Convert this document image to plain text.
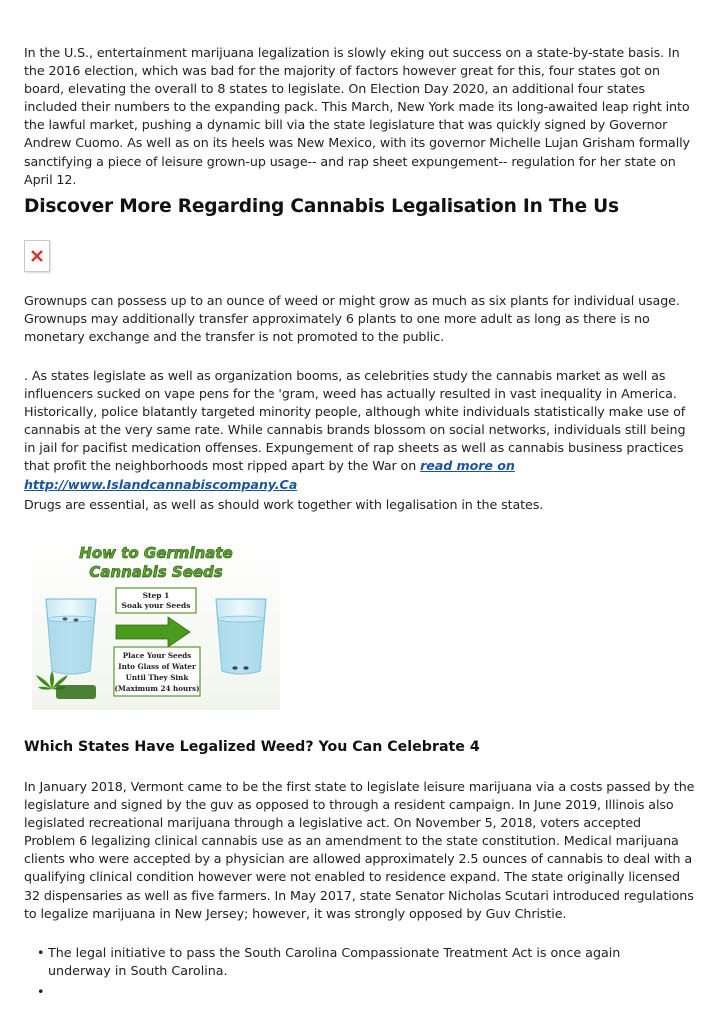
In the U.S., entertainment marijuana legalization is slowly eking out success on a state-by-state basis. In the 2016 election, which was bad for the majority of factors however great for this, four states got on board, elevating the overall to 8 states to legislate. On Election Day 2020, an additional four states included their numbers to the expanding pack. This March, New York made its long-awaited leap right into the lawful market, pushing a dynamic bill via the state legislature that was quickly signed by Governor Andrew Cuomo. As well as on its heels was New Mexico, with its governor Michelle Lujan Grisham formally sanctifying a piece of leisure grown-up usage-- and rap sheet expungement-- regulation for her state on April 12.

Discover More Regarding Cannabis Legalisation In The Us

Grownups can possess up to an ounce of weed or might grow as much as six plants for individual usage. Grownups may additionally transfer approximately 6 plants to one more adult as long as there is no monetary exchange and the transfer is not promoted to the public.

. As states legislate as well as organization booms, as celebrities study the cannabis market as well as influencers sucked on vape pens for the 'gram, weed has actually resulted in vast inequality in America. Historically, police blatantly targeted minority people, although white individuals statistically make use of cannabis at the very same rate. While cannabis brands blossom on social networks, individuals still being in jail for pacifist medication offenses. Expungement of rap sheets as well as cannabis business practices that profit the neighborhoods most ripped apart by the War on read more on http://www.Islandcannabiscompany.Ca

Drugs are essential, as well as should work together with legalisation in the states.

How to Germinate
Cannabis Seeds
Step 1
Soak your Seeds
Place Your Seeds
Into Glass of Water
Until They Sink
(Maximum 24 hours)
Which States Have Legalized Weed? You Can Celebrate 4

In January 2018, Vermont came to be the first state to legislate leisure marijuana via a costs passed by the legislature and signed by the guv as opposed to through a resident campaign. In June 2019, Illinois also legislated recreational marijuana through a legislative act. On November 5, 2018, voters accepted Problem 6 legalizing clinical cannabis use as an amendment to the state constitution. Medical marijuana clients who were accepted by a physician are allowed approximately 2.5 ounces of cannabis to deal with a qualifying clinical condition however were not enabled to residence expand. The state originally licensed 32 dispensaries as well as five farmers. In May 2017, state Senator Nicholas Scutari introduced regulations to legalize marijuana in New Jersey; however, it was strongly opposed by Guv Christie.

• The legal initiative to pass the South Carolina Compassionate Treatment Act is once again underway in South Carolina.
•
